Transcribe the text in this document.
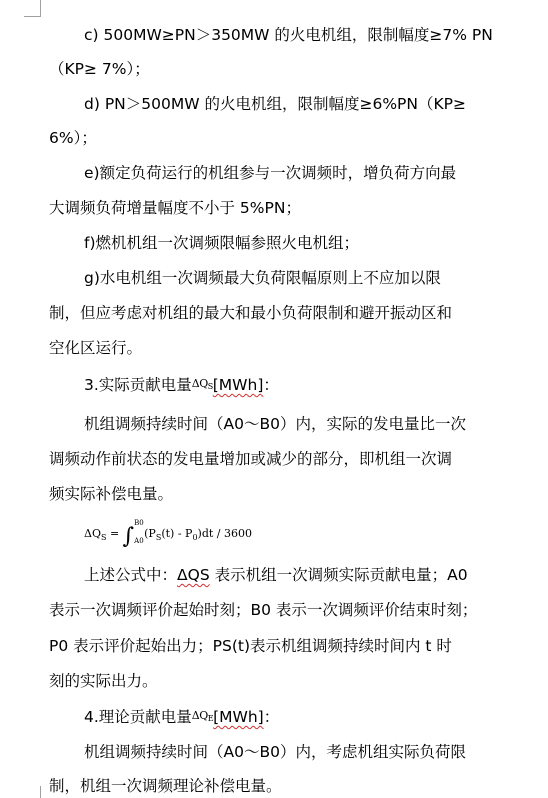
c) 500MW≥PN＞350MW 的火电机组，限制幅度≥7% PN
（KP≥ 7%）；
d) PN＞500MW 的火电机组，限制幅度≥6%PN（KP≥
6%）；
e)额定负荷运行的机组参与一次调频时，增负荷方向最
大调频负荷增量幅度不小于 5%PN；
f)燃机机组一次调频限幅参照火电机组；
g)水电机组一次调频最大负荷限幅原则上不应加以限
制，但应考虑对机组的最大和最小负荷限制和避开振动区和
空化区运行。
3.实际贡献电量$\Delta Q_S[MWh]$：
机组调频持续时间（A0～B0）内，实际的发电量比一次
调频动作前状态的发电量增加或减少的部分，即机组一次调
频实际补偿电量。
$\Delta Q_S$ = ∫
B0
A0
$(P_S(t) - P_0)dt / 3600$
上述公式中：ΔQS 表示机组一次调频实际贡献电量；A0
表示一次调频评价起始时刻；B0 表示一次调频评价结束时刻；
P0 表示评价起始出力；PS(t)表示机组调频持续时间内 t 时
刻的实际出力。
4.理论贡献电量$\Delta Q_E[MWh]$：
机组调频持续时间（A0～B0）内，考虑机组实际负荷限
制，机组一次调频理论补偿电量。
